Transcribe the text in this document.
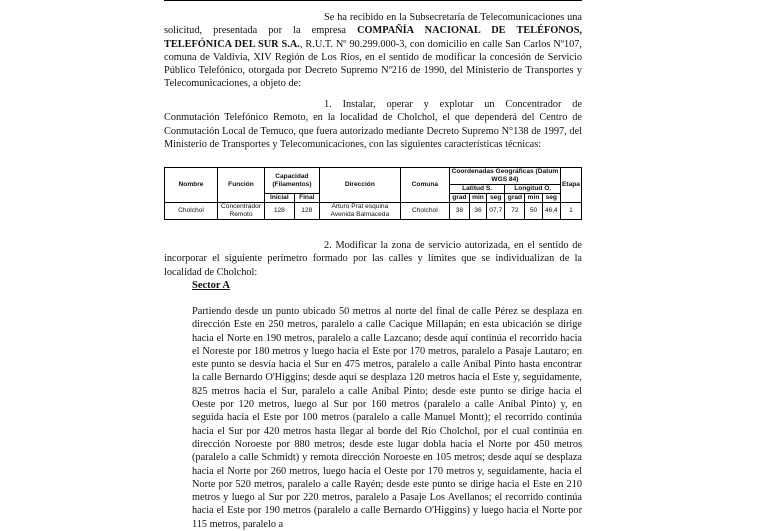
Se ha recibido en la Subsecretaría de Telecomunicaciones una solicitud, presentada por la empresa COMPAÑÍA NACIONAL DE TELÉFONOS, TELEFÓNICA DEL SUR S.A., R.U.T. Nº 90.299.000-3, con domicilio en calle San Carlos Nº107, comuna de Valdivia, XIV Región de Los Ríos, en el sentido de modificar la concesión de Servicio Público Telefónico, otorgada por Decreto Supremo Nº216 de 1990, del Ministerio de Transportes y Telecomunicaciones, a objeto de:

1. Instalar, operar y explotar un Concentrador de Conmutación Telefónico Remoto, en la localidad de Cholchol, el que dependerá del Centro de Conmutación Local de Temuco, que fuera autorizado mediante Decreto Supremo N°138 de 1997, del Ministerio de Transportes y Telecomunicaciones, con las siguientes características técnicas:

Nombre	Función	Capacidad (Filamentos)		Dirección	Comuna	Coordenadas Geográficas (Datum WGS 84)						Etapa
						Latitud S.			Longitud O.			
		Inicial	Final			grad	min	seg	grad	min	seg	
Cholchol	Concentrador Remoto	128	128	Arturo Prat esquina Avenida Balmaceda	Cholchol	38	36	07,7	72	50	46,4	1

2. Modificar la zona de servicio autorizada, en el sentido de incorporar el siguiente perímetro formado por las calles y límites que se individualizan de la localidad de Cholchol:

Sector A

Partiendo desde un punto ubicado 50 metros al norte del final de calle Pérez se desplaza en dirección Este en 250 metros, paralelo a calle Cacique Millapán; en esta ubicación se dirige hacia el Norte en 190 metros, paralelo a calle Lazcano; desde aquí continúa el recorrido hacia el Noreste por 180 metros y luego hacia el Este por 170 metros, paralelo a Pasaje Lautaro; en este punto se desvía hacia el Sur en 475 metros, paralelo a calle Aníbal Pinto hasta encontrar la calle Bernardo O'Higgins; desde aquí se desplaza 120 metros hacia el Este y, seguidamente, 825 metros hacia el Sur, paralelo a calle Aníbal Pinto; desde este punto se dirige hacia el Oeste por 120 metros, luego al Sur por 160 metros (paralelo a calle Aníbal Pinto) y, en seguida hacia el Este por 100 metros (paralelo a calle Manuel Montt); el recorrido continúa hacia el Sur por 420 metros hasta llegar al borde del Río Cholchol, por el cual continúa en dirección Noroeste por 880 metros; desde este lugar dobla hacia el Norte por 450 metros (paralelo a calle Schmidt) y remota dirección Noroeste en 105 metros; desde aquí se desplaza hacia el Norte por 260 metros, luego hacia el Oeste por 170 metros y, seguidamente, hacia el Norte por 520 metros, paralelo a calle Rayén; desde este punto se dirige hacia el Este en 210 metros y luego al Sur por 220 metros, paralelo a Pasaje Los Avellanos; el recorrido continúa hacia el Este por 190 metros (paralelo a calle Bernardo O'Higgins) y luego hacia el Norte por 115 metros, paralelo a
